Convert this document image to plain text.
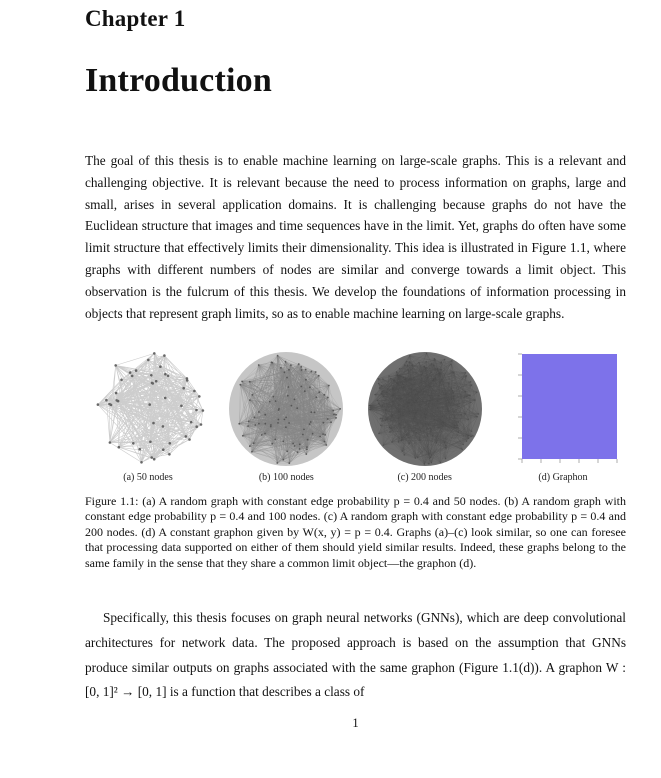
Chapter 1
Introduction

The goal of this thesis is to enable machine learning on large-scale graphs. This is a relevant and challenging objective. It is relevant because the need to process information on graphs, large and small, arises in several application domains. It is challenging because graphs do not have the Euclidean structure that images and time sequences have in the limit. Yet, graphs do often have some limit structure that effectively limits their dimensionality. This idea is illustrated in Figure 1.1, where graphs with different numbers of nodes are similar and converge towards a limit object. This observation is the fulcrum of this thesis. We develop the foundations of information processing in objects that represent graph limits, so as to enable machine learning on large-scale graphs.

(a) 50 nodes	(b) 100 nodes	(c) 200 nodes	(d) Graphon

Figure 1.1: (a) A random graph with constant edge probability p = 0.4 and 50 nodes. (b) A random graph with constant edge probability p = 0.4 and 100 nodes. (c) A random graph with constant edge probability p = 0.4 and 200 nodes. (d) A constant graphon given by W(x, y) = p = 0.4. Graphs (a)–(c) look similar, so one can foresee that processing data supported on either of them should yield similar results. Indeed, these graphs belong to the same family in the sense that they share a common limit object—the graphon (d).

Specifically, this thesis focuses on graph neural networks (GNNs), which are deep convolutional architectures for network data. The proposed approach is based on the assumption that GNNs produce similar outputs on graphs associated with the same graphon (Figure 1.1(d)). A graphon W : [0, 1]² → [0, 1] is a function that describes a class of

1
